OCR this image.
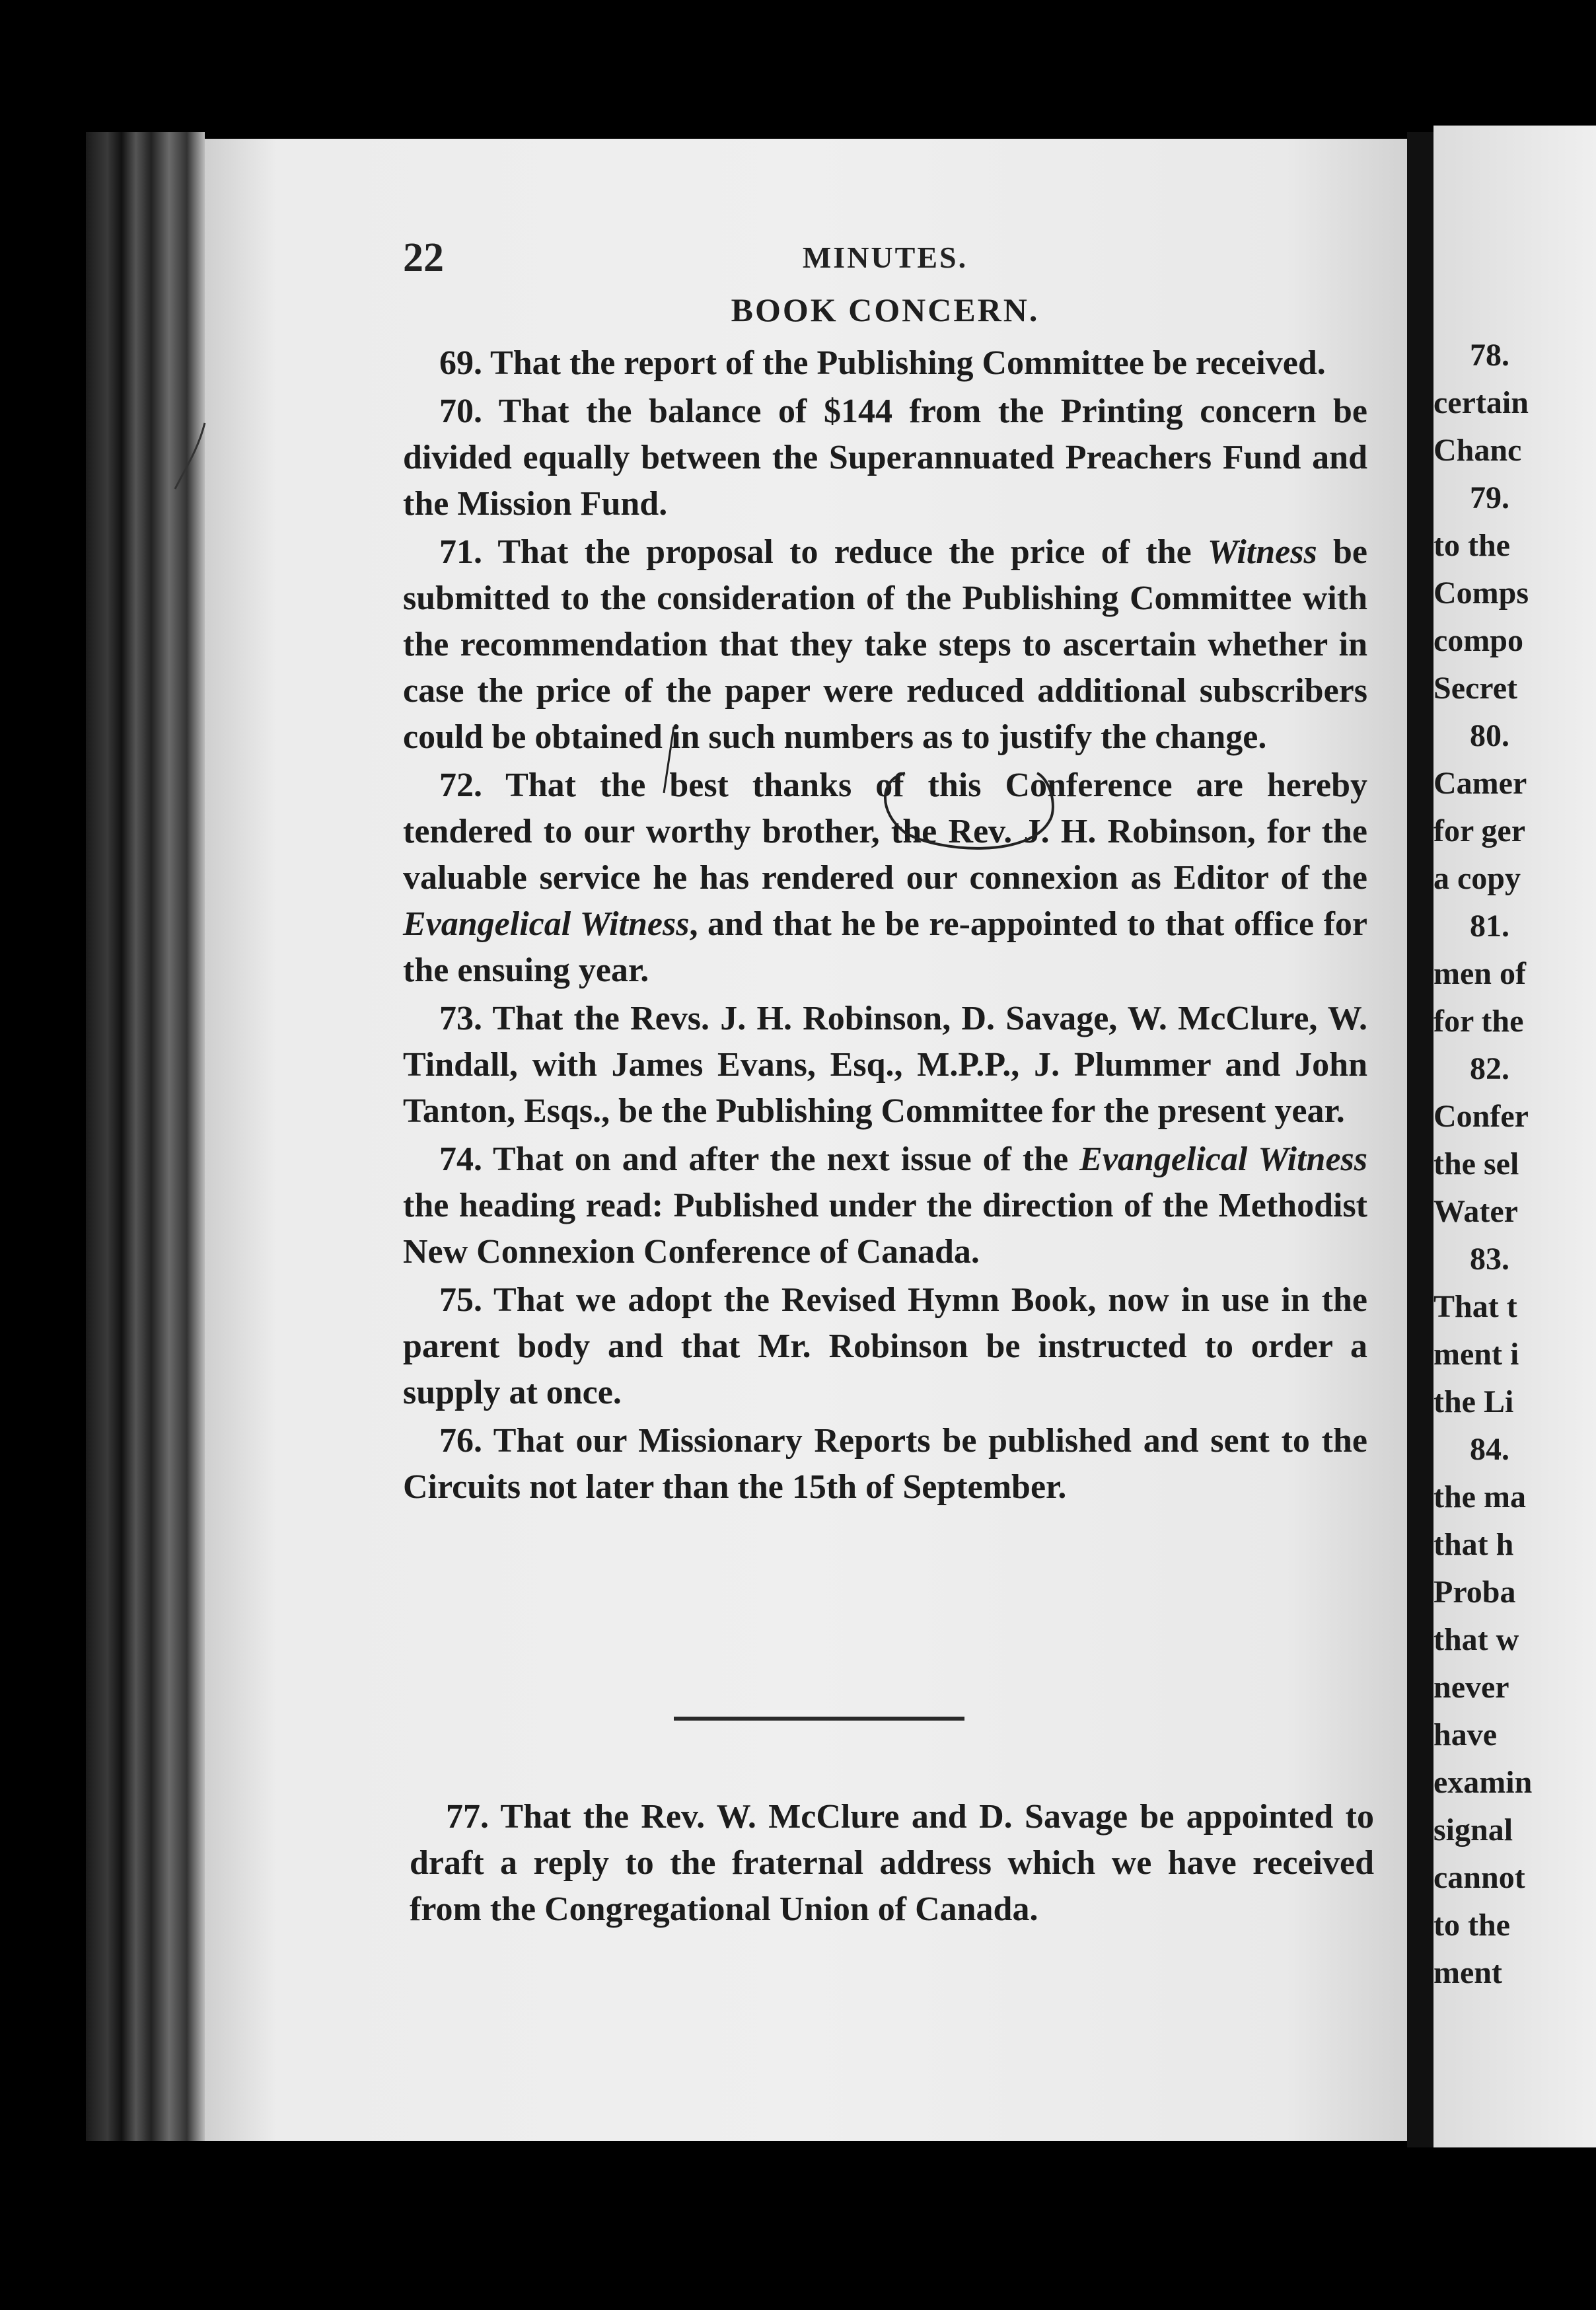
78.
certain
Chanc
79.
to the
Comps
compo
Secret
80.
Camer
for ger
a copy
81.
men of
for the
82.
Confer
the sel
Water
83.
That t
ment i
the Li
84.
the ma
that h
Proba
that w
never
have
examin
signal
cannot
to the
ment
22	MINUTES.
BOOK CONCERN.

69. That the report of the Publishing Committee be received.

70. That the balance of $144 from the Printing concern be divided equally between the Superannuated Preachers Fund and the Mission Fund.

71. That the proposal to reduce the price of the Witness be submitted to the consideration of the Publishing Committee with the recommendation that they take steps to ascertain whether in case the price of the paper were reduced additional subscribers could be obtained in such numbers as to justify the change.

72. That the best thanks of this Conference are hereby tendered to our worthy brother, the Rev. J. H. Robinson, for the valuable service he has rendered our connexion as Editor of the Evangelical Witness, and that he be re-appointed to that office for the ensuing year.

73. That the Revs. J. H. Robinson, D. Savage, W. McClure, W. Tindall, with James Evans, Esq., M.P.P., J. Plummer and John Tanton, Esqs., be the Publishing Committee for the present year.

74. That on and after the next issue of the Evangelical Witness the heading read: Published under the direction of the Methodist New Connexion Conference of Canada.

75. That we adopt the Revised Hymn Book, now in use in the parent body and that Mr. Robinson be instructed to order a supply at once.

76. That our Missionary Reports be published and sent to the Circuits not later than the 15th of September.

77. That the Rev. W. McClure and D. Savage be appointed to draft a reply to the fraternal address which we have received from the Congregational Union of Canada.
